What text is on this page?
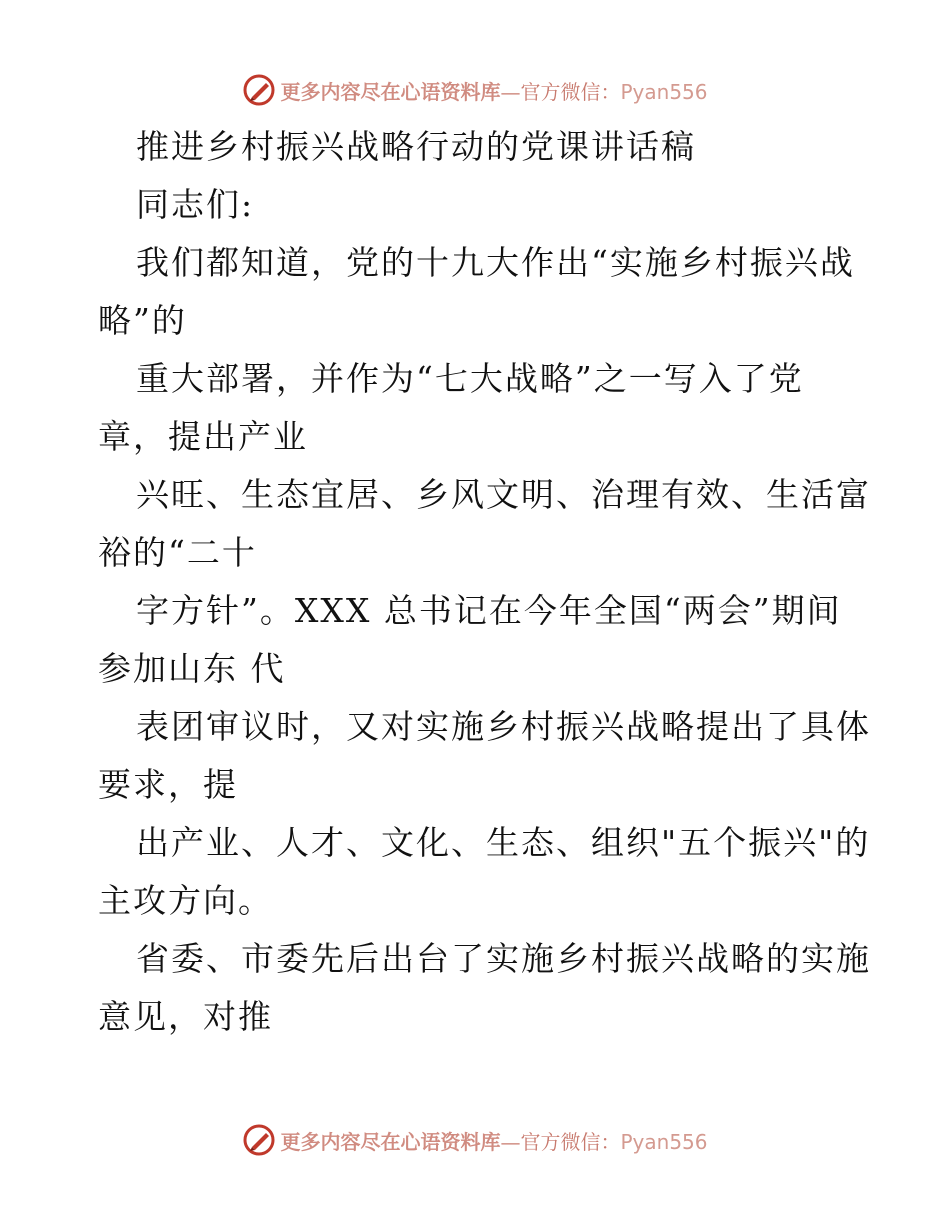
更多内容尽在心语资料库—官方微信：Pyan556
推进乡村振兴战略行动的党课讲话稿
同志们:
我们都知道，党的十九大作出“实施乡村振兴战
略”的
重大部署，并作为“七大战略”之一写入了党
章，提出产业
兴旺、生态宜居、乡风文明、治理有效、生活富
裕的“二十
字方针”。XXX 总书记在今年全国“两会”期间
参加山东 代
表团审议时，又对实施乡村振兴战略提出了具体
要求，提
出产业、人才、文化、生态、组织"五个振兴"的
主攻方向。
省委、市委先后出台了实施乡村振兴战略的实施
意见，对推
更多内容尽在心语资料库—官方微信：Pyan556
